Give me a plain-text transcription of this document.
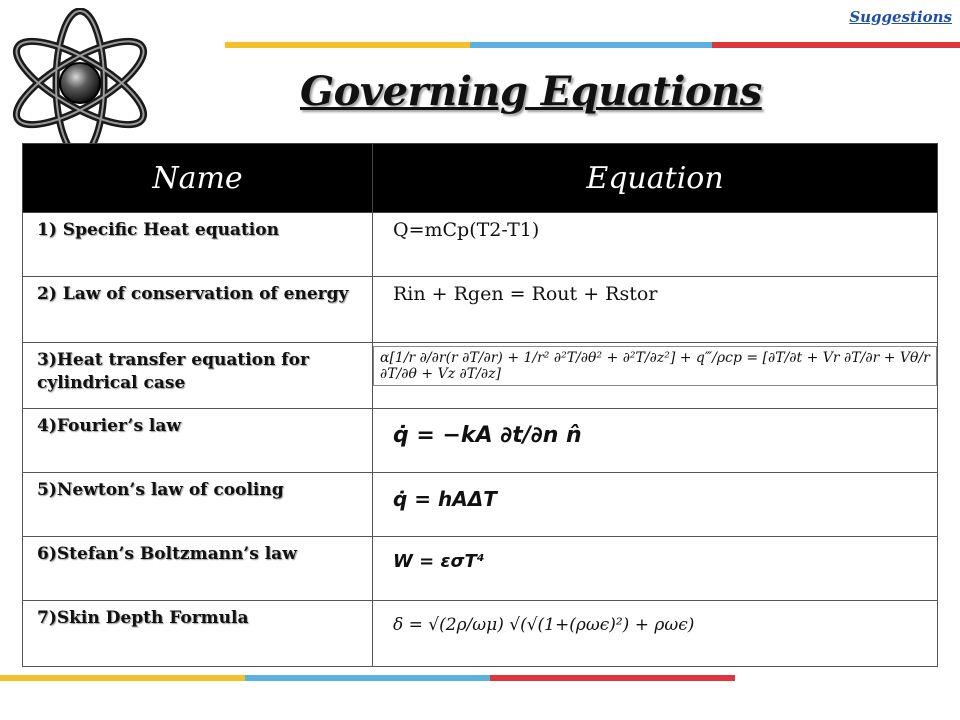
Suggestions
Governing Equations
Name	Equation
1) Specific Heat equation	Q=mCp(T2-T1)
2) Law of conservation of energy	Rin + Rgen = Rout + Rstor
3)Heat transfer equation for cylindrical case	α[1/r ∂/∂r(r ∂T/∂r) + 1/r² ∂²T/∂θ² + ∂²T/∂z²] + q‴/ρcp = [∂T/∂t + Vr ∂T/∂r + Vθ/r ∂T/∂θ + Vz ∂T/∂z]
4)Fourier’s law	q̇ = −kA ∂t/∂n n̂
5)Newton’s law of cooling	q̇ = hAΔT
6)Stefan’s Boltzmann’s law	W = εσT⁴
7)Skin Depth Formula	δ = √(2ρ/ωμ) √(√(1+(ρωϵ)²) + ρωϵ)
